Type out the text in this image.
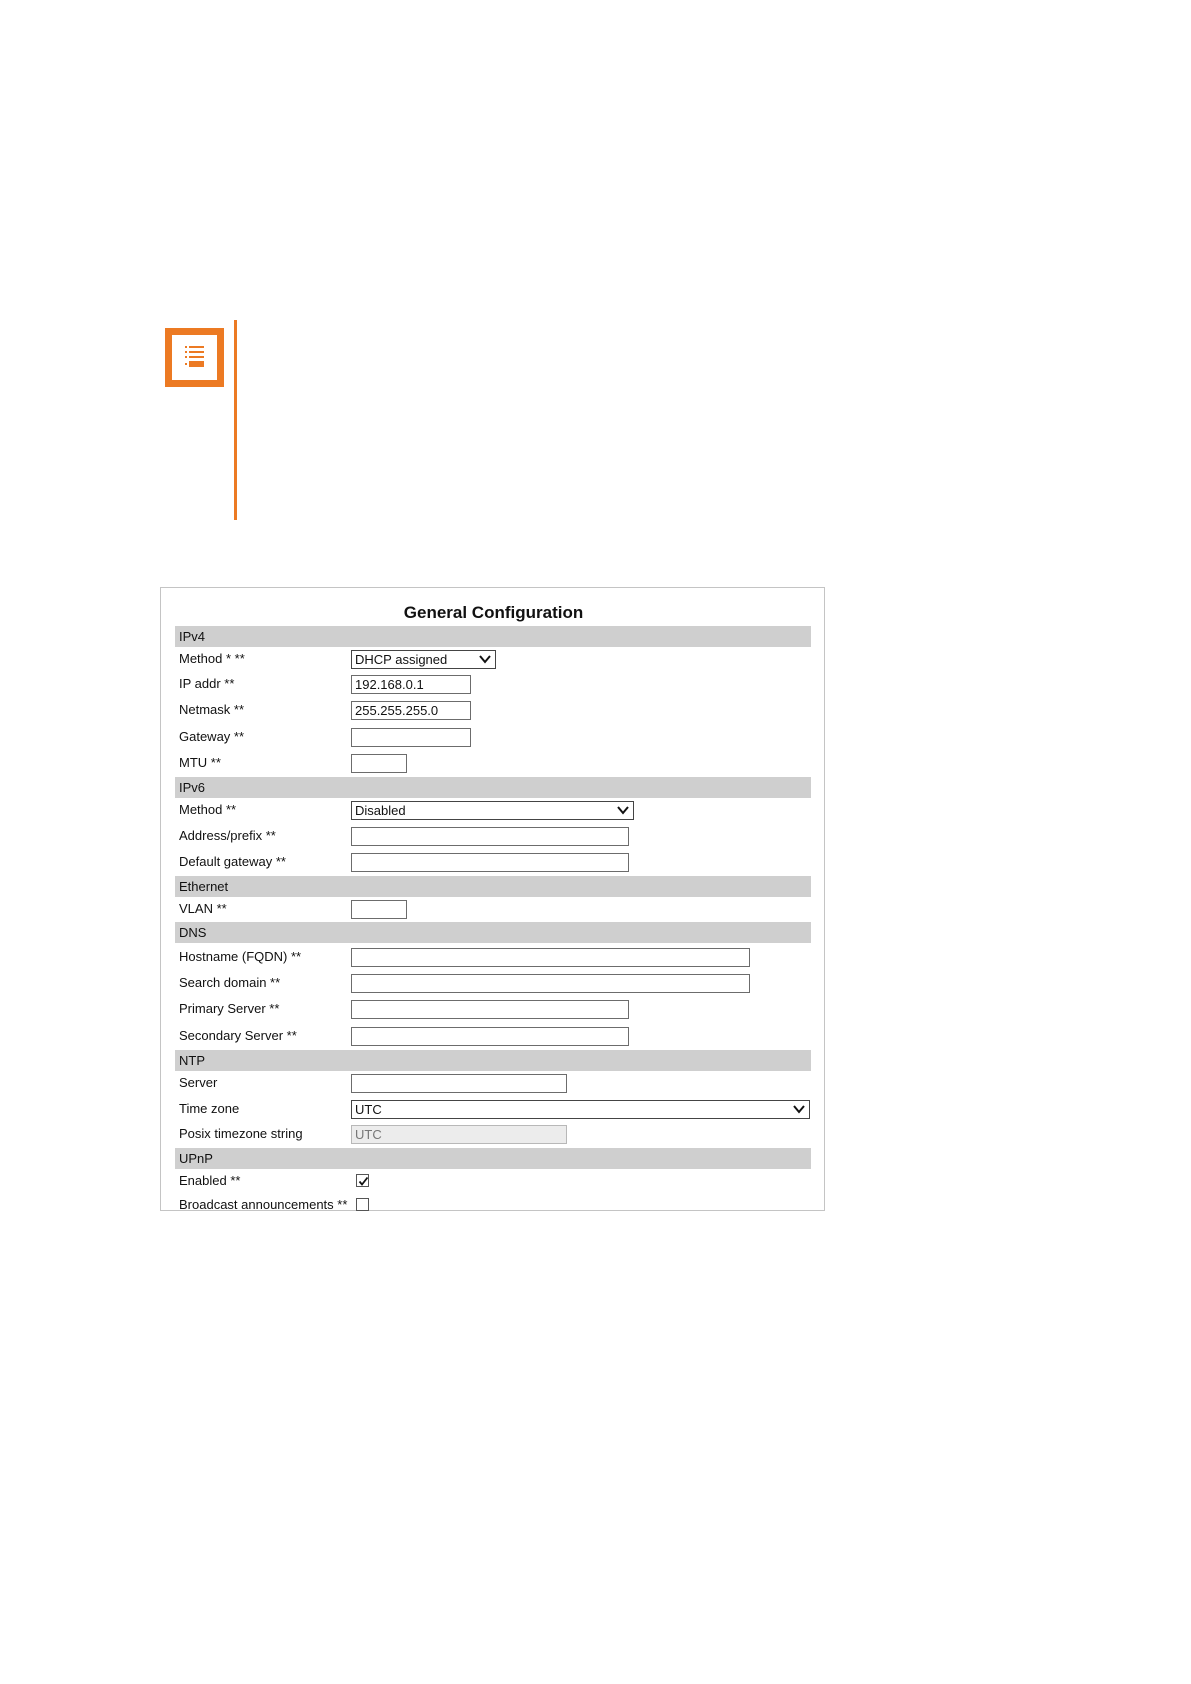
General Configuration
IPv4
Method * **	DHCP assigned
IP addr **	192.168.0.1
Netmask **	255.255.255.0
Gateway **
MTU **
IPv6
Method **	Disabled
Address/prefix **
Default gateway **
Ethernet
VLAN **
DNS
Hostname (FQDN) **
Search domain **
Primary Server **
Secondary Server **
NTP
Server
Time zone	UTC
Posix timezone string	UTC
UPnP
Enabled **
Broadcast announcements **
